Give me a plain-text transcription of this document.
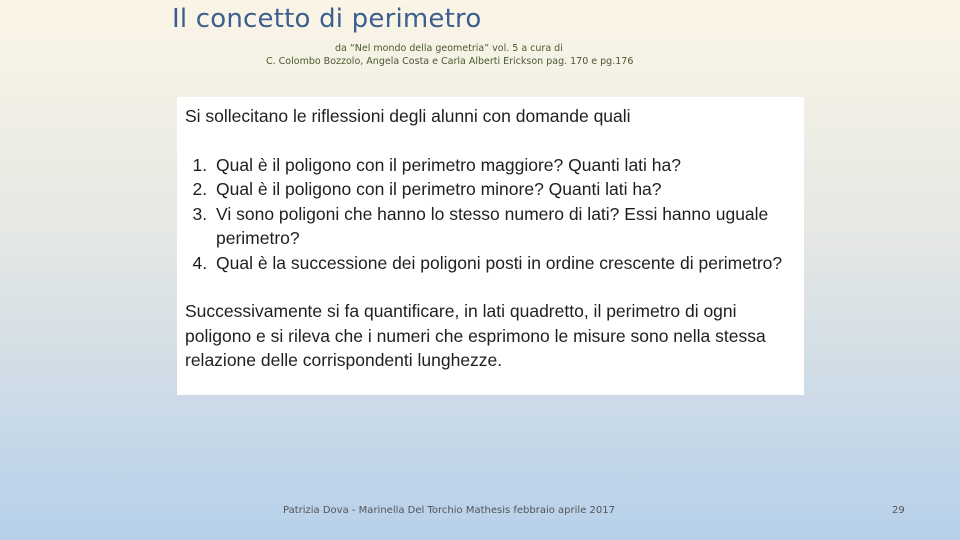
Il concetto di perimetro
da “Nel mondo della geometria” vol. 5 a cura di
C. Colombo Bozzolo, Angela Costa e Carla Alberti Erickson pag. 170 e pg.176

Si sollecitano le riflessioni degli alunni con domande quali

1. Qual è il poligono con il perimetro maggiore? Quanti lati ha?
2. Qual è il poligono con il perimetro minore? Quanti lati ha?
3. Vi sono poligoni che hanno lo stesso numero di lati? Essi hanno uguale perimetro?
4. Qual è la successione dei poligoni posti in ordine crescente di perimetro?

Successivamente si fa quantificare, in lati quadretto, il perimetro di ogni poligono e si rileva che i numeri che esprimono le misure sono nella stessa relazione delle corrispondenti lunghezze.

Patrizia Dova - Marinella Del Torchio Mathesis febbraio aprile 2017	29
